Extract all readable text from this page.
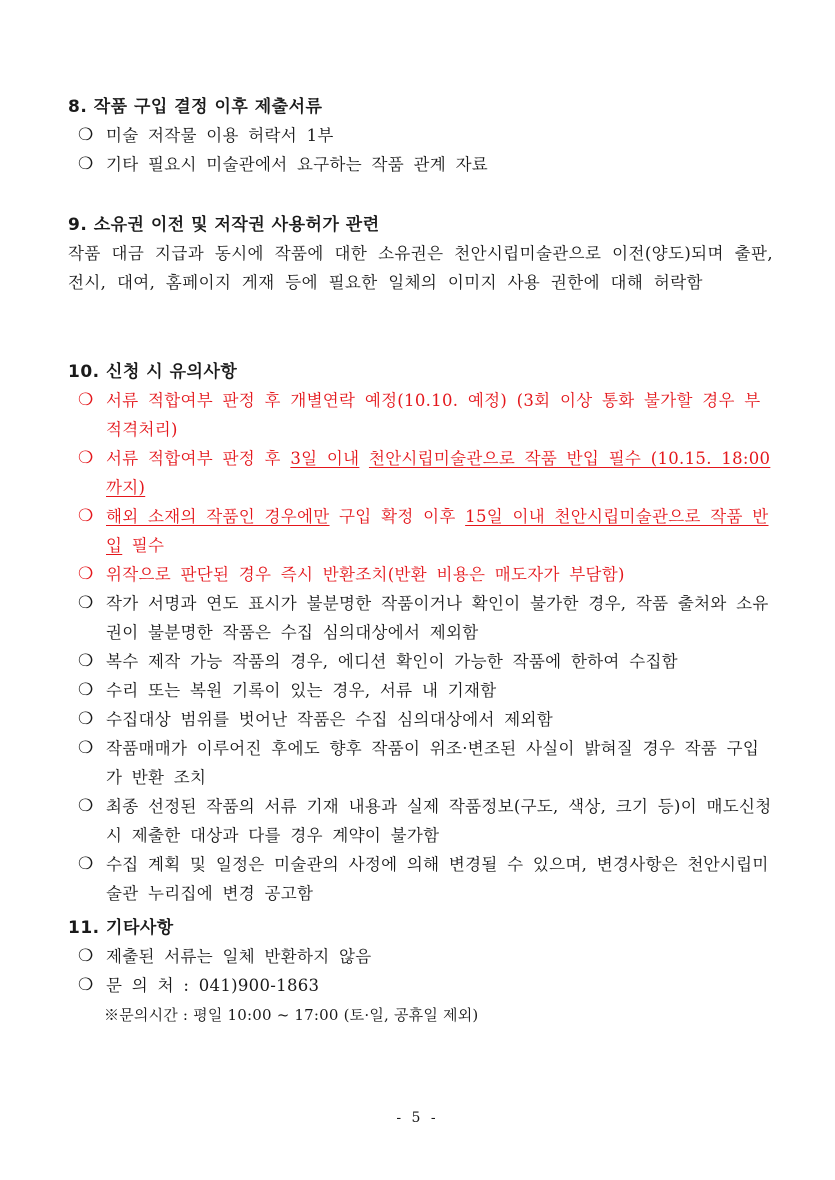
8. 작품 구입 결정 이후 제출서류
❍ 미술 저작물 이용 허락서 1부
❍ 기타 필요시 미술관에서 요구하는 작품 관계 자료
9. 소유권 이전 및 저작권 사용허가 관련
작품 대금 지급과 동시에 작품에 대한 소유권은 천안시립미술관으로 이전(양도)되며 출판, 전시, 대여, 홈페이지 게재 등에 필요한 일체의 이미지 사용 권한에 대해 허락함
10. 신청 시 유의사항
❍ 서류 적합여부 판정 후 개별연락 예정(10.10. 예정) (3회 이상 통화 불가할 경우 부적격처리)
❍ 서류 적합여부 판정 후 3일 이내 천안시립미술관으로 작품 반입 필수 (10.15. 18:00까지)
❍ 해외 소재의 작품인 경우에만 구입 확정 이후 15일 이내 천안시립미술관으로 작품 반입 필수
❍ 위작으로 판단된 경우 즉시 반환조치(반환 비용은 매도자가 부담함)
❍ 작가 서명과 연도 표시가 불분명한 작품이거나 확인이 불가한 경우, 작품 출처와 소유권이 불분명한 작품은 수집 심의대상에서 제외함
❍ 복수 제작 가능 작품의 경우, 에디션 확인이 가능한 작품에 한하여 수집함
❍ 수리 또는 복원 기록이 있는 경우, 서류 내 기재함
❍ 수집대상 범위를 벗어난 작품은 수집 심의대상에서 제외함
❍ 작품매매가 이루어진 후에도 향후 작품이 위조·변조된 사실이 밝혀질 경우 작품 구입가 반환 조치
❍ 최종 선정된 작품의 서류 기재 내용과 실제 작품정보(구도, 색상, 크기 등)이 매도신청 시 제출한 대상과 다를 경우 계약이 불가함
❍ 수집 계획 및 일정은 미술관의 사정에 의해 변경될 수 있으며, 변경사항은 천안시립미술관 누리집에 변경 공고함
11. 기타사항
❍ 제출된 서류는 일체 반환하지 않음
❍ 문 의 처 : 041)900-1863
※문의시간 : 평일 10:00 ~ 17:00 (토·일, 공휴일 제외)
- 5 -
